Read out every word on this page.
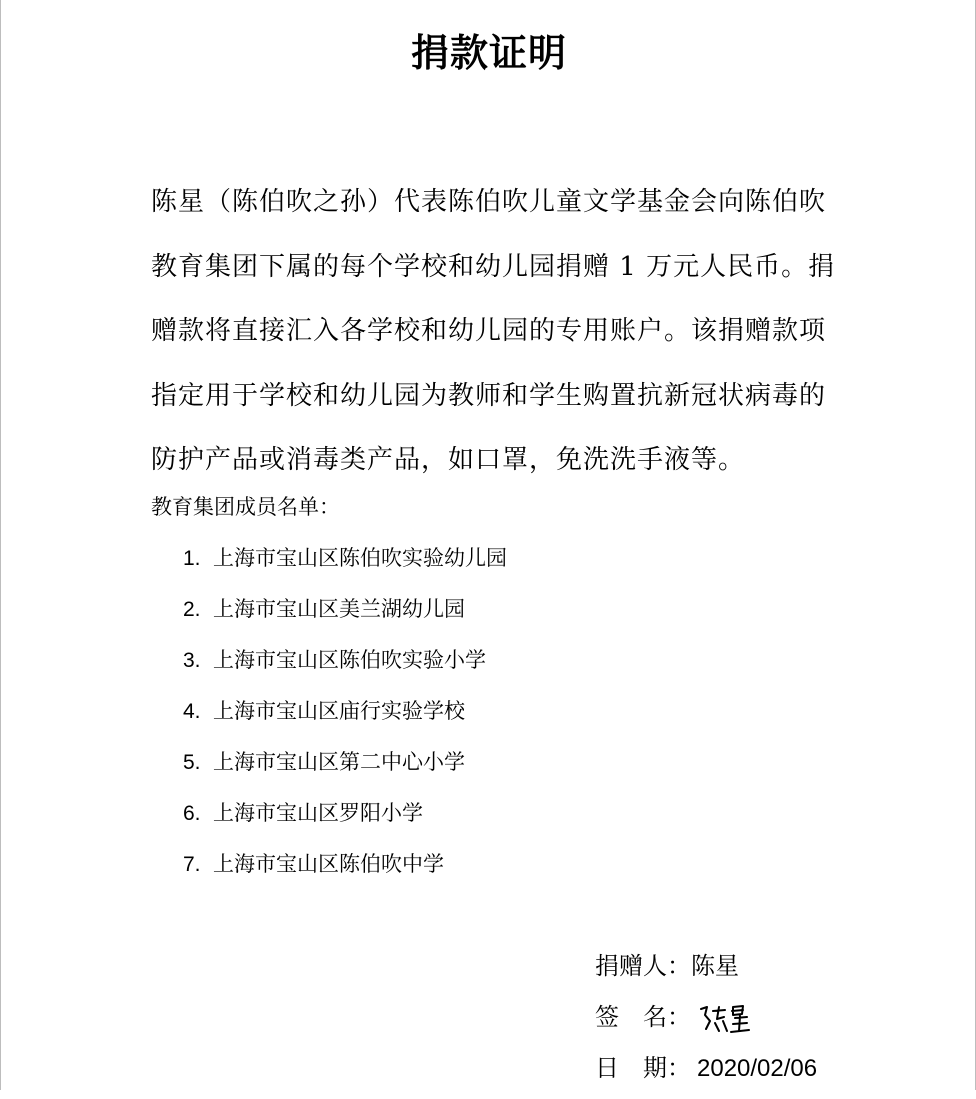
捐款证明
陈星（陈伯吹之孙）代表陈伯吹儿童文学基金会向陈伯吹教育集团下属的每个学校和幼儿园捐赠 1 万元人民币。捐赠款将直接汇入各学校和幼儿园的专用账户。该捐赠款项指定用于学校和幼儿园为教师和学生购置抗新冠状病毒的防护产品或消毒类产品，如口罩，免洗洗手液等。
教育集团成员名单：
1. 上海市宝山区陈伯吹实验幼儿园
2. 上海市宝山区美兰湖幼儿园
3. 上海市宝山区陈伯吹实验小学
4. 上海市宝山区庙行实验学校
5. 上海市宝山区第二中心小学
6. 上海市宝山区罗阳小学
7. 上海市宝山区陈伯吹中学
捐赠人：陈星
签　名：
日　期： 2020/02/06
